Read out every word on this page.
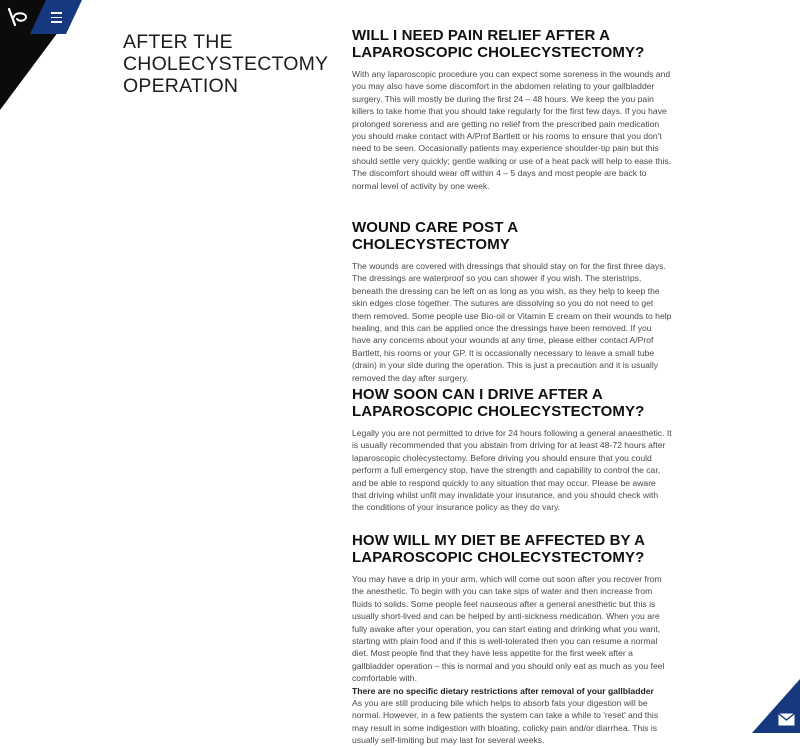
AFTER THE CHOLECYSTECTOMY OPERATION
WILL I NEED PAIN RELIEF AFTER A LAPAROSCOPIC CHOLECYSTECTOMY?

With any laparoscopic procedure you can expect some soreness in the wounds and you may also have some discomfort in the abdomen relating to your gallbladder surgery. This will mostly be during the first 24 – 48 hours. We keep the you pain killers to take home that you should take regularly for the first few days. If you have prolonged soreness and are getting no relief from the prescribed pain medication you should make contact with A/Prof Bartlett or his rooms to ensure that you don't need to be seen. Occasionally patients may experience shoulder-tip pain but this should settle very quickly; gentle walking or use of a heat pack will help to ease this. The discomfort should wear off within 4 – 5 days and most people are back to normal level of activity by one week.

WOUND CARE POST A CHOLECYSTECTOMY

The wounds are covered with dressings that should stay on for the first three days. The dressings are waterproof so you can shower if you wish. The steristrips, beneath the dressing can be left on as long as you wish, as they help to keep the skin edges close together. The sutures are dissolving so you do not need to get them removed. Some people use Bio-oil or Vitamin E cream on their wounds to help healing, and this can be applied once the dressings have been removed. If you have any concerns about your wounds at any time, please either contact A/Prof Bartlett, his rooms or your GP. It is occasionally necessary to leave a small tube (drain) in your side during the operation. This is just a precaution and it is usually removed the day after surgery.

HOW SOON CAN I DRIVE AFTER A LAPAROSCOPIC CHOLECYSTECTOMY?

Legally you are not permitted to drive for 24 hours following a general anaesthetic. It is usually recommended that you abstain from driving for at least 48-72 hours after laparoscopic cholecystectomy. Before driving you should ensure that you could perform a full emergency stop, have the strength and capability to control the car, and be able to respond quickly to any situation that may occur. Please be aware that driving whilst unfit may invalidate your insurance, and you should check with the conditions of your insurance policy as they do vary.

HOW WILL MY DIET BE AFFECTED BY A LAPAROSCOPIC CHOLECYSTECTOMY?

You may have a drip in your arm, which will come out soon after you recover from the anesthetic. To begin with you can take sips of water and then increase from fluids to solids. Some people feel nauseous after a general anesthetic but this is usually short-lived and can be helped by anti-sickness medication. When you are fully awake after your operation, you can start eating and drinking what you want, starting with plain food and if this is well-tolerated then you can resume a normal diet. Most people find that they have less appetite for the first week after a gallbladder operation – this is normal and you should only eat as much as you feel comfortable with.

There are no specific dietary restrictions after removal of your gallbladder

As you are still producing bile which helps to absorb fats your digestion will be normal. However, in a few patients the system can take a while to 'reset' and this may result in some indigestion with bloating, colicky pain and/or diarrhea. This is usually self-limiting but may last for several weeks.
